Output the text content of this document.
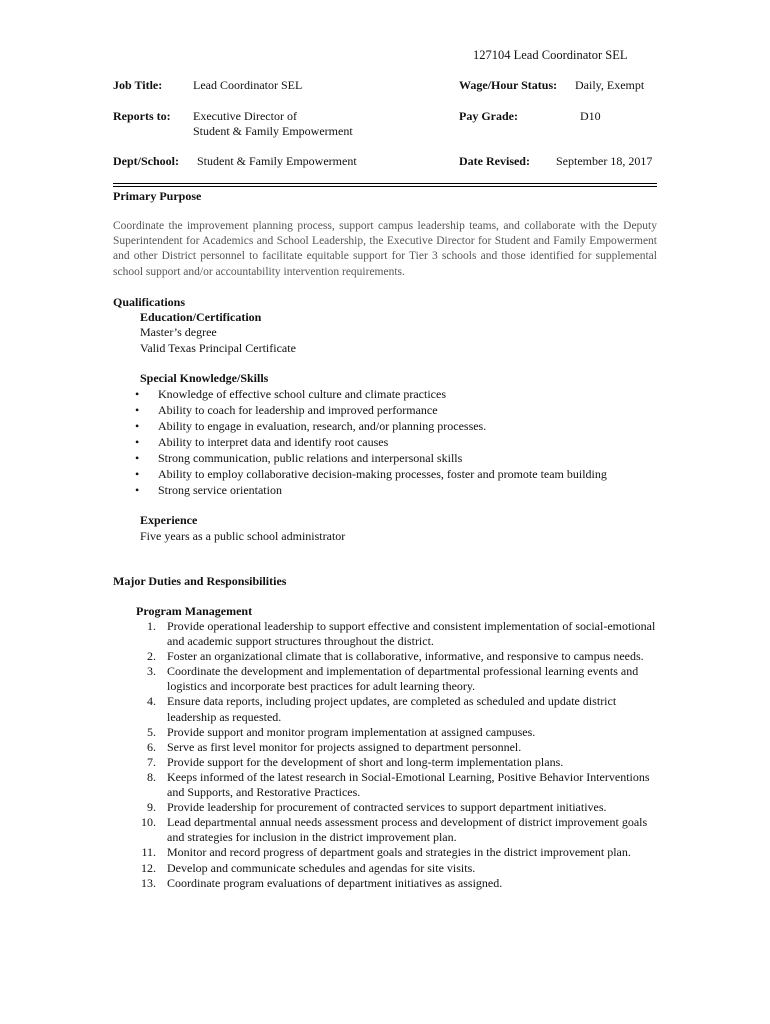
127104 Lead Coordinator SEL
Job Title:	Lead Coordinator SEL	Wage/Hour Status: Daily, Exempt
Reports to: Executive Director of
Student & Family Empowerment
Pay Grade:	D10
Dept/School: Student & Family Empowerment	Date Revised: September 18, 2017
Primary Purpose
Coordinate the improvement planning process, support campus leadership teams, and collaborate with the Deputy Superintendent for Academics and School Leadership, the Executive Director for Student and Family Empowerment and other District personnel to facilitate equitable support for Tier 3 schools and those identified for supplemental school support and/or accountability intervention requirements.
Qualifications
Education/Certification
Master’s degree
Valid Texas Principal Certificate
Special Knowledge/Skills
• Knowledge of effective school culture and climate practices
• Ability to coach for leadership and improved performance
• Ability to engage in evaluation, research, and/or planning processes.
• Ability to interpret data and identify root causes
• Strong communication, public relations and interpersonal skills
• Ability to employ collaborative decision-making processes, foster and promote team building
• Strong service orientation
Experience
Five years as a public school administrator
Major Duties and Responsibilities
Program Management
1. Provide operational leadership to support effective and consistent implementation of social-emotional and academic support structures throughout the district.
2. Foster an organizational climate that is collaborative, informative, and responsive to campus needs.
3. Coordinate the development and implementation of departmental professional learning events and logistics and incorporate best practices for adult learning theory.
4. Ensure data reports, including project updates, are completed as scheduled and update district leadership as requested.
5. Provide support and monitor program implementation at assigned campuses.
6. Serve as first level monitor for projects assigned to department personnel.
7. Provide support for the development of short and long-term implementation plans.
8. Keeps informed of the latest research in Social-Emotional Learning, Positive Behavior Interventions and Supports, and Restorative Practices.
9. Provide leadership for procurement of contracted services to support department initiatives.
10. Lead departmental annual needs assessment process and development of district improvement goals and strategies for inclusion in the district improvement plan.
11. Monitor and record progress of department goals and strategies in the district improvement plan.
12. Develop and communicate schedules and agendas for site visits.
13. Coordinate program evaluations of department initiatives as assigned.
